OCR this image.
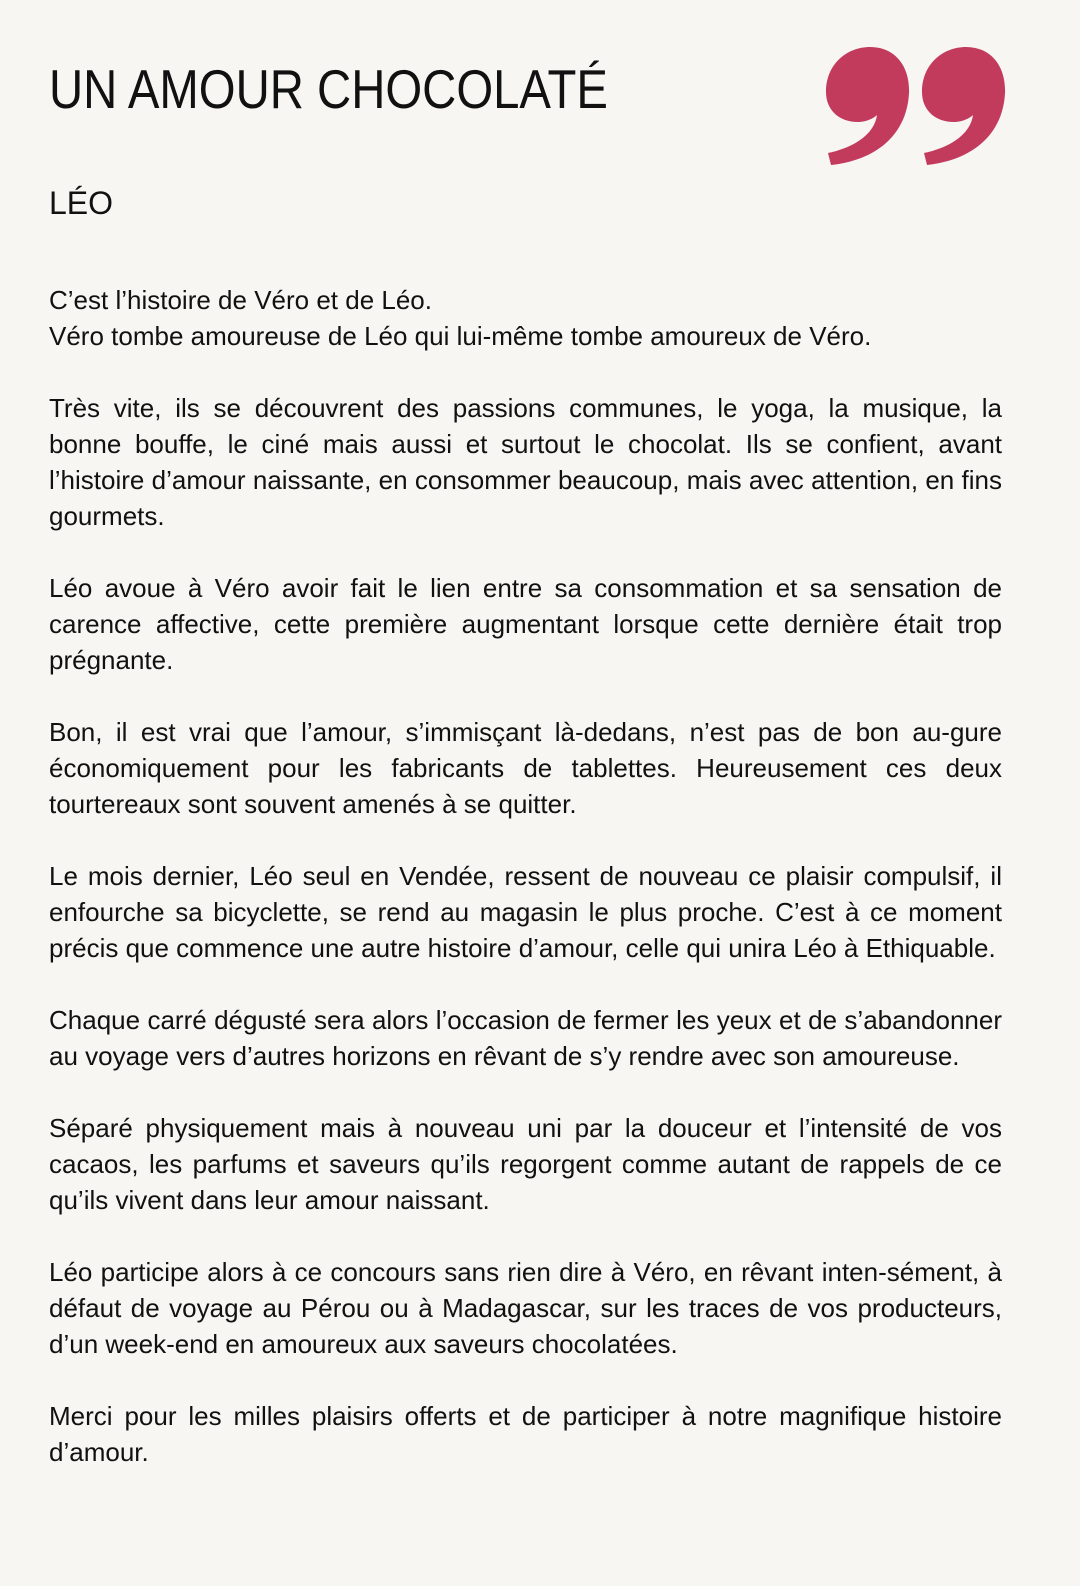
UN AMOUR CHOCOLATÉ
LÉO

C’est l’histoire de Véro et de Léo.
Véro tombe amoureuse de Léo qui lui-même tombe amoureux de Véro.

Très vite, ils se découvrent des passions communes, le yoga, la musique, la bonne bouffe, le ciné mais aussi et surtout le chocolat. Ils se confient, avant l’histoire d’amour naissante, en consommer beaucoup, mais avec attention, en fins gourmets.

Léo avoue à Véro avoir fait le lien entre sa consommation et sa sensation de carence affective, cette première augmentant lorsque cette dernière était trop prégnante.

Bon, il est vrai que l’amour, s’immisçant là-dedans, n’est pas de bon au-gure économiquement pour les fabricants de tablettes. Heureusement ces deux tourtereaux sont souvent amenés à se quitter.

Le mois dernier, Léo seul en Vendée, ressent de nouveau ce plaisir compulsif, il enfourche sa bicyclette, se rend au magasin le plus proche. C’est à ce moment précis que commence une autre histoire d’amour, celle qui unira Léo à Ethiquable.

Chaque carré dégusté sera alors l’occasion de fermer les yeux et de s’abandonner au voyage vers d’autres horizons en rêvant de s’y rendre avec son amoureuse.

Séparé physiquement mais à nouveau uni par la douceur et l’intensité de vos cacaos, les parfums et saveurs qu’ils regorgent comme autant de rappels de ce qu’ils vivent dans leur amour naissant.

Léo participe alors à ce concours sans rien dire à Véro, en rêvant inten-sément, à défaut de voyage au Pérou ou à Madagascar, sur les traces de vos producteurs, d’un week-end en amoureux aux saveurs chocolatées.

Merci pour les milles plaisirs offerts et de participer à notre magnifique histoire d’amour.
